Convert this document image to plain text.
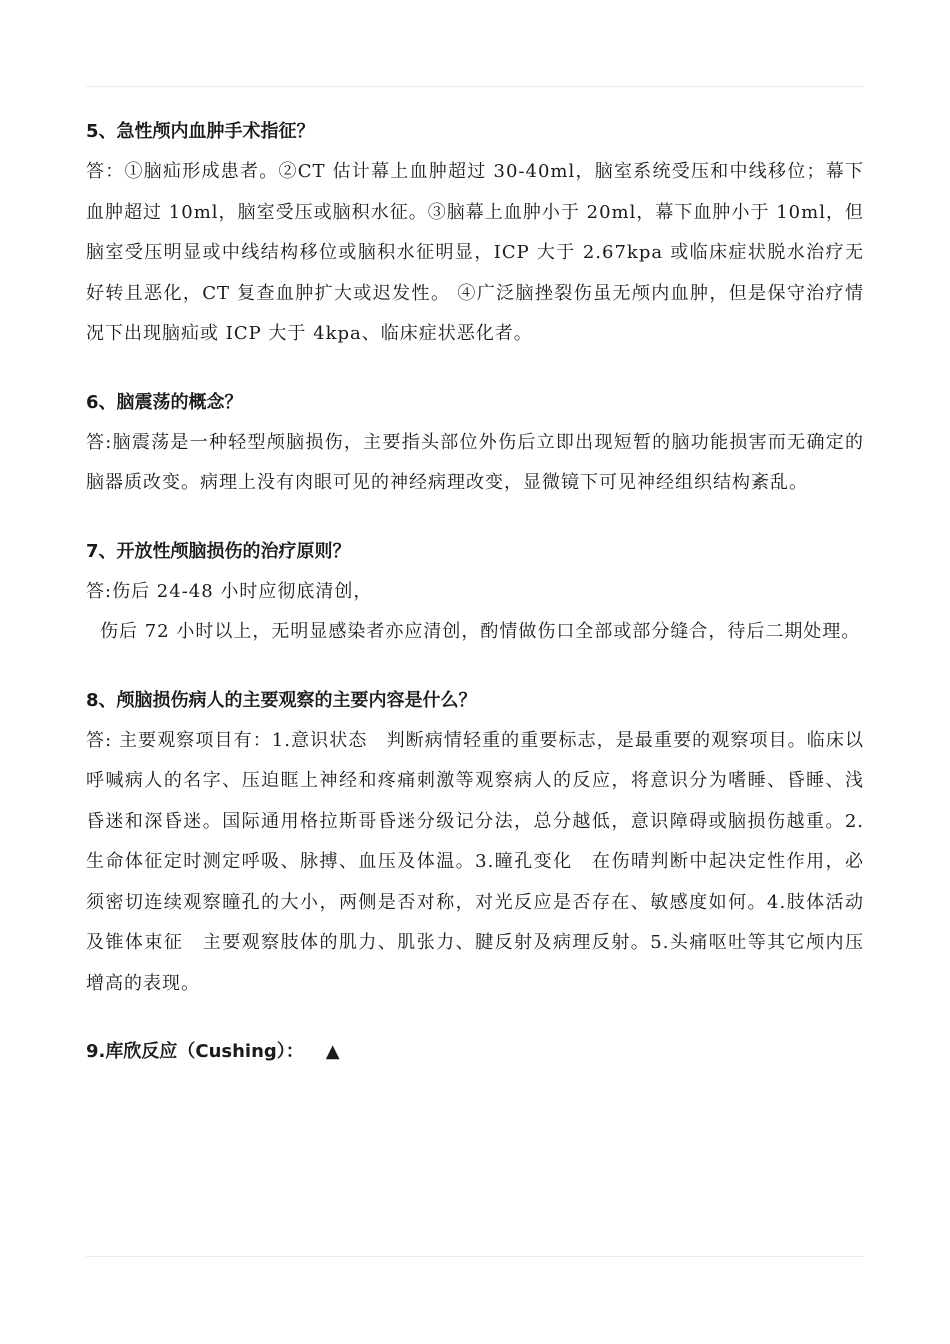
5、急性颅内血肿手术指征？

答：①脑疝形成患者。②CT 估计幕上血肿超过 30-40ml，脑室系统受压和中线移位；幕下血肿超过 10ml，脑室受压或脑积水征。③脑幕上血肿小于 20ml，幕下血肿小于 10ml，但脑室受压明显或中线结构移位或脑积水征明显，ICP 大于 2.67kpa 或临床症状脱水治疗无好转且恶化，CT 复查血肿扩大或迟发性。 ④广泛脑挫裂伤虽无颅内血肿，但是保守治疗情况下出现脑疝或 ICP 大于 4kpa、临床症状恶化者。

6、脑震荡的概念？

答:脑震荡是一种轻型颅脑损伤，主要指头部位外伤后立即出现短暂的脑功能损害而无确定的脑器质改变。病理上没有肉眼可见的神经病理改变，显微镜下可见神经组织结构紊乱。

7、开放性颅脑损伤的治疗原则？

答:伤后 24-48 小时应彻底清创，
伤后 72 小时以上，无明显感染者亦应清创，酌情做伤口全部或部分缝合，待后二期处理。

8、颅脑损伤病人的主要观察的主要内容是什么？

答: 主要观察项目有：1.意识状态　判断病情轻重的重要标志，是最重要的观察项目。临床以呼喊病人的名字、压迫眶上神经和疼痛刺激等观察病人的反应，将意识分为嗜睡、昏睡、浅昏迷和深昏迷。国际通用格拉斯哥昏迷分级记分法，总分越低，意识障碍或脑损伤越重。2.生命体征定时测定呼吸、脉搏、血压及体温。3.瞳孔变化　在伤晴判断中起决定性作用，必须密切连续观察瞳孔的大小，两侧是否对称，对光反应是否存在、敏感度如何。4.肢体活动及锥体束征　主要观察肢体的肌力、肌张力、腱反射及病理反射。5.头痛呕吐等其它颅内压增高的表现。

9.库欣反应（Cushing）： ▲
